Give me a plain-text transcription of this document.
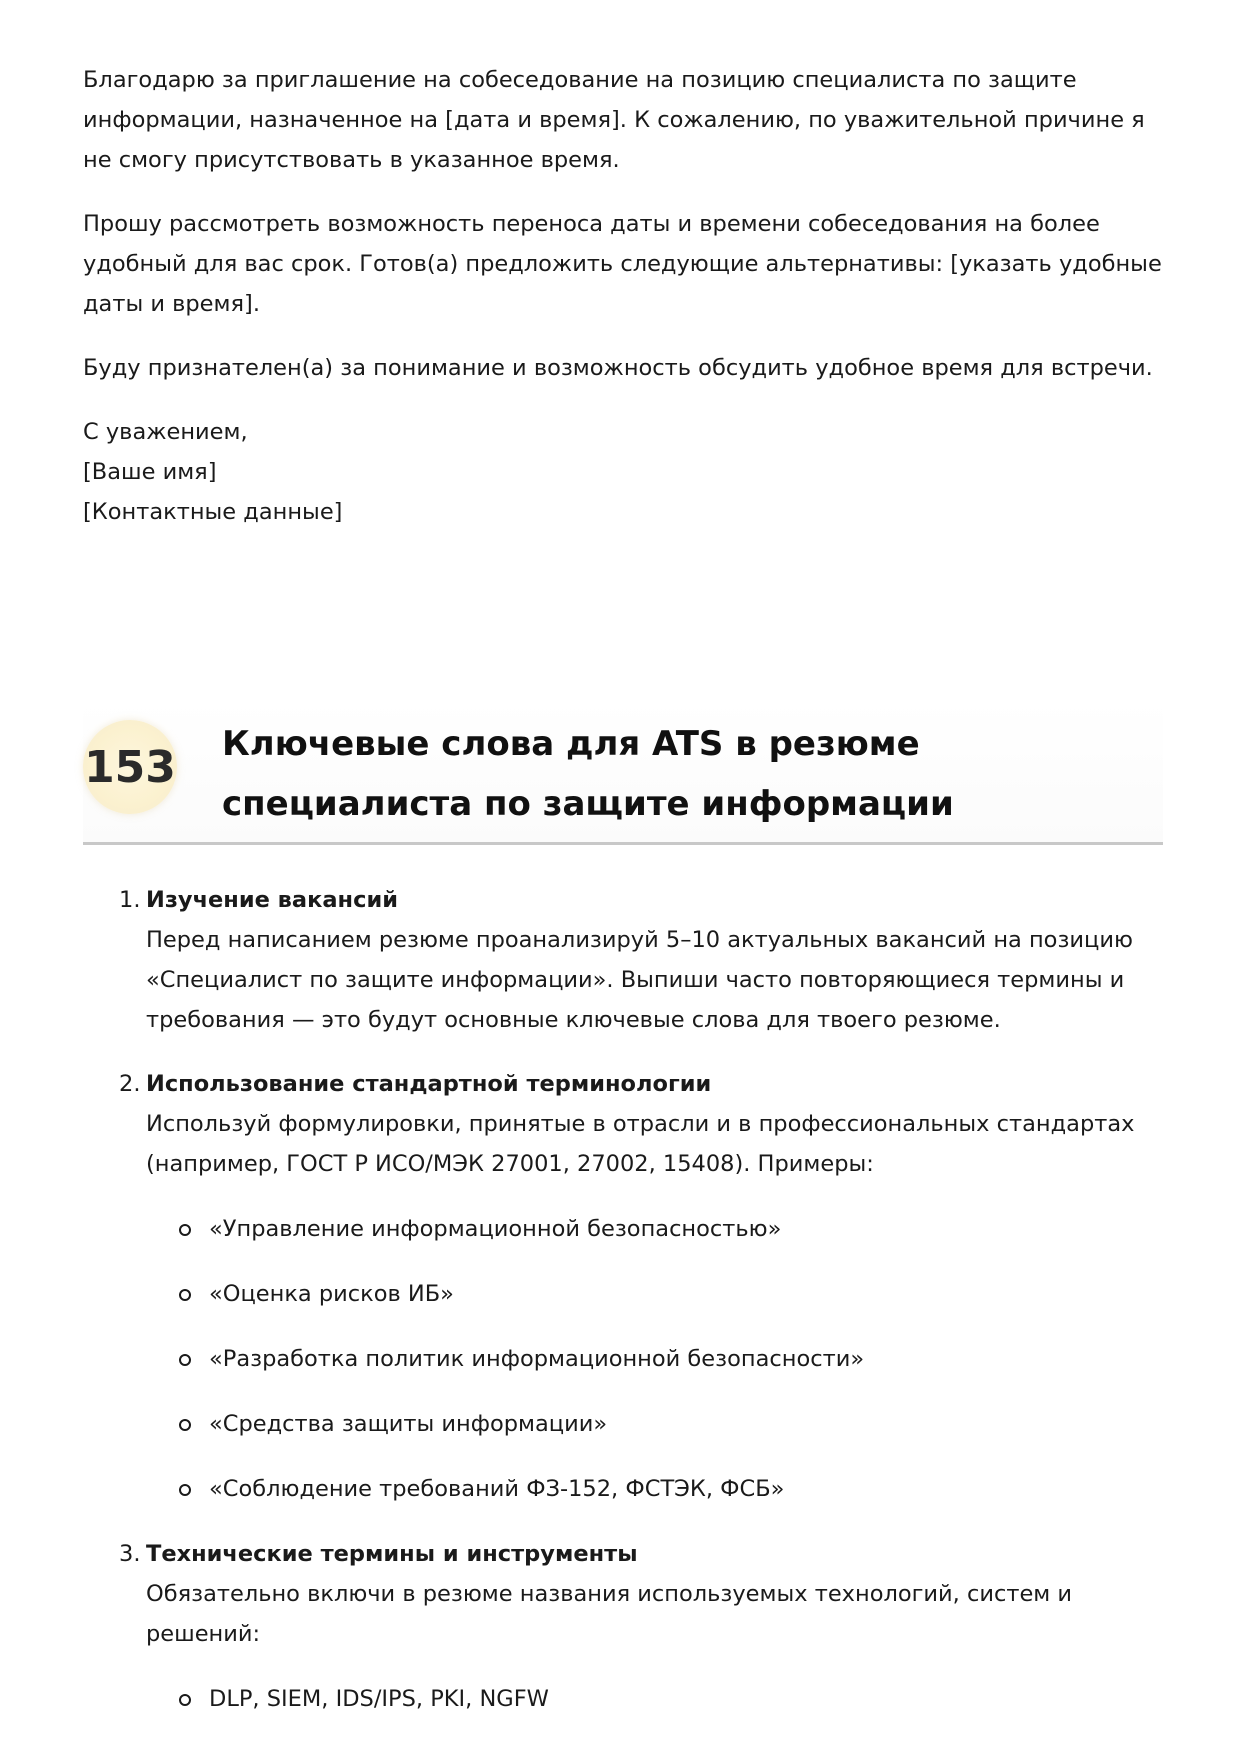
Благодарю за приглашение на собеседование на позицию специалиста по защите информации, назначенное на [дата и время]. К сожалению, по уважительной причине я не смогу присутствовать в указанное время.

Прошу рассмотреть возможность переноса даты и времени собеседования на более удобный для вас срок. Готов(а) предложить следующие альтернативы: [указать удобные даты и время].

Буду признателен(а) за понимание и возможность обсудить удобное время для встречи.

С уважением,

[Ваше имя]

[Контактные данные]

153 Ключевые слова для ATS в резюме специалиста по защите информации
1. Изучение вакансий
Перед написанием резюме проанализируй 5–10 актуальных вакансий на позицию «Специалист по защите информации». Выпиши часто повторяющиеся термины и требования — это будут основные ключевые слова для твоего резюме.
2. Использование стандартной терминологии
Используй формулировки, принятые в отрасли и в профессиональных стандартах (например, ГОСТ Р ИСО/МЭК 27001, 27002, 15408). Примеры:
«Управление информационной безопасностью»
«Оценка рисков ИБ»
«Разработка политик информационной безопасности»
«Средства защиты информации»
«Соблюдение требований ФЗ-152, ФСТЭК, ФСБ»
3. Технические термины и инструменты
Обязательно включи в резюме названия используемых технологий, систем и решений:
DLP, SIEM, IDS/IPS, PKI, NGFW
